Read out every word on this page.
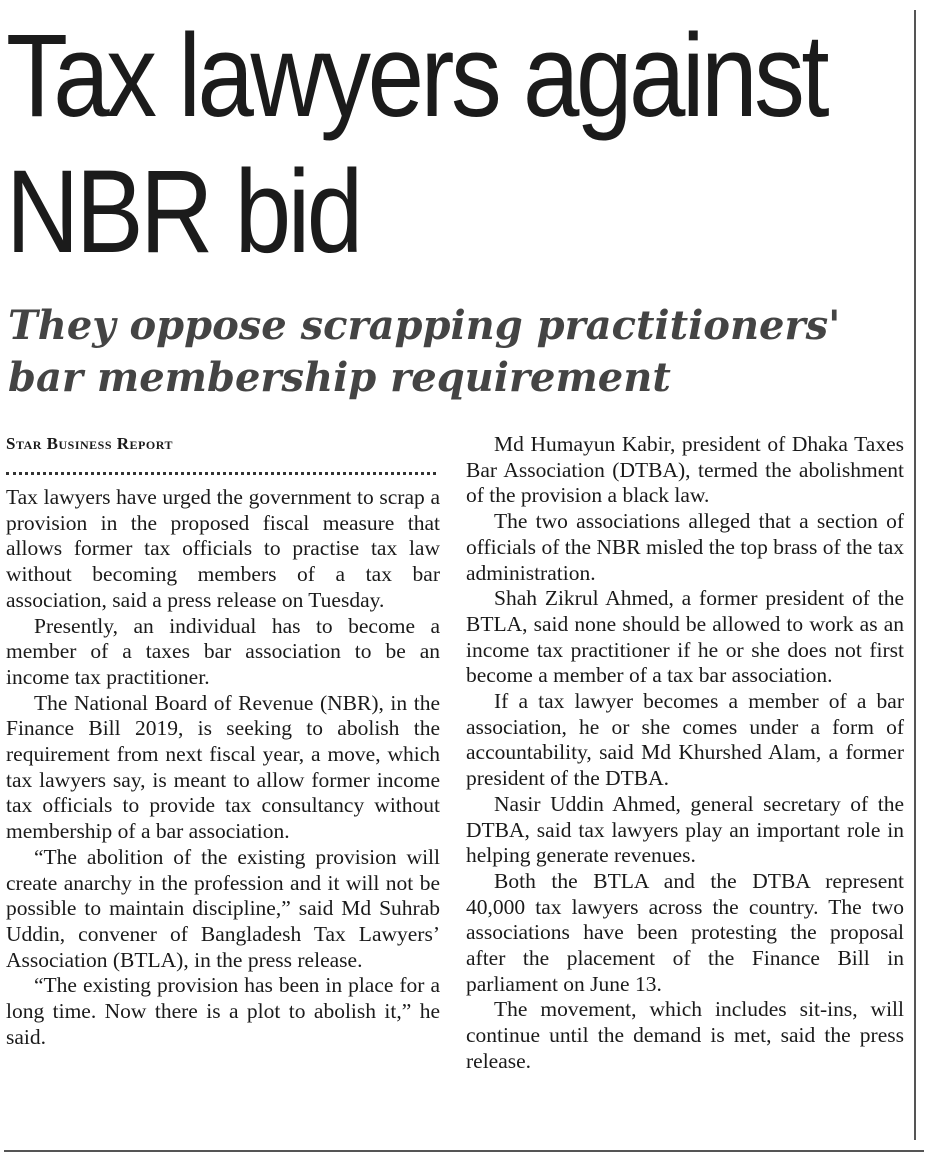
Tax lawyers against
NBR bid
They oppose scrapping practitioners'
bar membership requirement
Star Business Report

Tax lawyers have urged the government to scrap a provision in the proposed fiscal measure that allows former tax officials to practise tax law without becoming members of a tax bar association, said a press release on Tuesday.

Presently, an individual has to become a member of a taxes bar association to be an income tax practitioner.

The National Board of Revenue (NBR), in the Finance Bill 2019, is seeking to abolish the requirement from next fiscal year, a move, which tax lawyers say, is meant to allow former income tax officials to provide tax consultancy without membership of a bar association.

“The abolition of the existing provision will create anarchy in the profession and it will not be possible to maintain discipline,” said Md Suhrab Uddin, convener of Bangladesh Tax Lawyers’ Association (BTLA), in the press release.

“The existing provision has been in place for a long time. Now there is a plot to abolish it,” he said.

Md Humayun Kabir, president of Dhaka Taxes Bar Association (DTBA), termed the abolishment of the provision a black law.

The two associations alleged that a section of officials of the NBR misled the top brass of the tax administration.

Shah Zikrul Ahmed, a former president of the BTLA, said none should be allowed to work as an income tax practitioner if he or she does not first become a member of a tax bar association.

If a tax lawyer becomes a member of a bar association, he or she comes under a form of accountability, said Md Khurshed Alam, a former president of the DTBA.

Nasir Uddin Ahmed, general secretary of the DTBA, said tax lawyers play an important role in helping generate revenues.

Both the BTLA and the DTBA represent 40,000 tax lawyers across the country. The two associations have been protesting the proposal after the placement of the Finance Bill in parliament on June 13.

The movement, which includes sit-ins, will continue until the demand is met, said the press release.
